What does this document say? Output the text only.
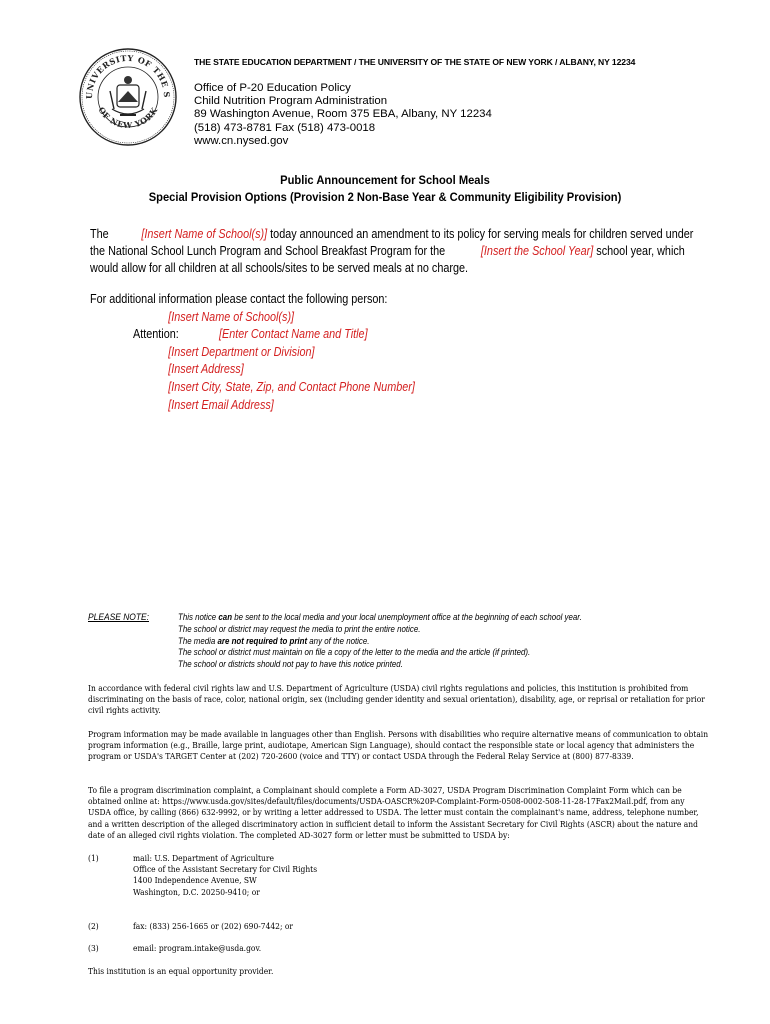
UNIVERSITY OF THE S
OF NEW YORK
THE STATE EDUCATION DEPARTMENT / THE UNIVERSITY OF THE STATE OF NEW YORK / ALBANY, NY 12234
Office of P-20 Education Policy
Child Nutrition Program Administration
89 Washington Avenue, Room 375 EBA, Albany, NY 12234
(518) 473-8781 Fax (518) 473-0018
www.cn.nysed.gov
Public Announcement for School Meals
Special Provision Options (Provision 2 Non-Base Year & Community Eligibility Provision)
The	[Insert Name of School(s)] today announced an amendment to its policy for serving meals for children served under the National School Lunch Program and School Breakfast Program for the	[Insert the School Year] school year, which would allow for all children at all schools/sites to be served meals at no charge.
For additional information please contact the following person:
[Insert Name of School(s)]
Attention:	[Enter Contact Name and Title]
[Insert Department or Division]
[Insert Address]
[Insert City, State, Zip, and Contact Phone Number]
[Insert Email Address]
PLEASE NOTE:	This notice can be sent to the local media and your local unemployment office at the beginning of each school year.
The school or district may request the media to print the entire notice.
The media are not required to print any of the notice.
The school or district must maintain on file a copy of the letter to the media and the article (if printed).
The school or districts should not pay to have this notice printed.
In accordance with federal civil rights law and U.S. Department of Agriculture (USDA) civil rights regulations and policies, this institution is prohibited from discriminating on the basis of race, color, national origin, sex (including gender identity and sexual orientation), disability, age, or reprisal or retaliation for prior civil rights activity.
Program information may be made available in languages other than English. Persons with disabilities who require alternative means of communication to obtain program information (e.g., Braille, large print, audiotape, American Sign Language), should contact the responsible state or local agency that administers the program or USDA's TARGET Center at (202) 720-2600 (voice and TTY) or contact USDA through the Federal Relay Service at (800) 877-8339.
To file a program discrimination complaint, a Complainant should complete a Form AD-3027, USDA Program Discrimination Complaint Form which can be obtained online at: https://www.usda.gov/sites/default/files/documents/USDA-OASCR%20P-Complaint-Form-0508-0002-508-11-28-17Fax2Mail.pdf, from any USDA office, by calling (866) 632-9992, or by writing a letter addressed to USDA. The letter must contain the complainant's name, address, telephone number, and a written description of the alleged discriminatory action in sufficient detail to inform the Assistant Secretary for Civil Rights (ASCR) about the nature and date of an alleged civil rights violation. The completed AD-3027 form or letter must be submitted to USDA by:
(1)	mail: U.S. Department of Agriculture
Office of the Assistant Secretary for Civil Rights
1400 Independence Avenue, SW
Washington, D.C. 20250-9410; or
(2)	fax: (833) 256-1665 or (202) 690-7442; or
(3)	email: program.intake@usda.gov.
This institution is an equal opportunity provider.
